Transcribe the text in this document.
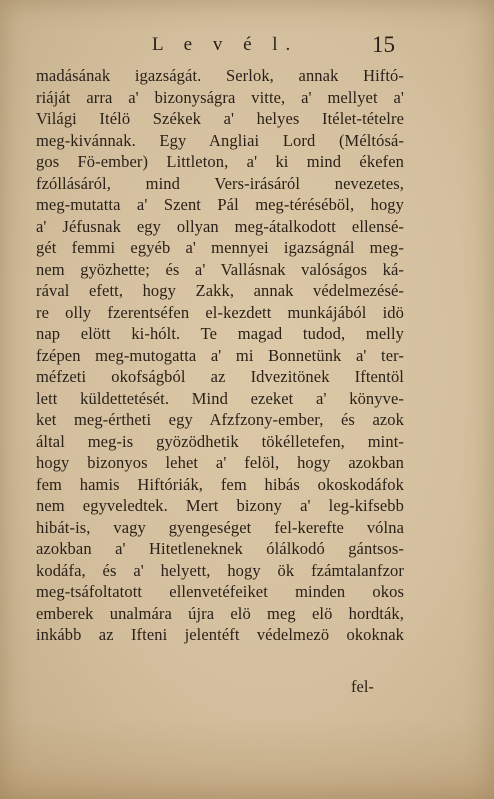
L e v é l.	15
madásának igazságát. Serlok, annak Hiftó-
riáját arra a' bizonyságra vitte, a' mellyet a'
Világi Itélö Székek a' helyes Itélet-tételre
meg-kivánnak. Egy Angliai Lord (Méltósá-
gos Fö-ember) Littleton, a' ki mind ékefen
fzóllásáról, mind Vers-irásáról nevezetes,
meg-mutatta a' Szent Pál meg-téréséböl, hogy
a' Jéfusnak egy ollyan meg-átalkodott ellensé-
gét femmi egyéb a' mennyei igazságnál meg-
nem gyözhette; és a' Vallásnak valóságos ká-
rával efett, hogy Zakk, annak védelmezésé-
re olly fzerentséfen el-kezdett munkájából idö
nap elött ki-hólt. Te magad tudod, melly
fzépen meg-mutogatta a' mi Bonnetünk a' ter-
méfzeti okofságból az Idvezitönek Iftentöl
lett küldettetését. Mind ezeket a' könyve-
ket meg-értheti egy Afzfzony-ember, és azok
által meg-is gyözödhetik tökélletefen, mint-
hogy bizonyos lehet a' felöl, hogy azokban
fem hamis Hiftóriák, fem hibás okoskodáfok
nem egyveledtek. Mert bizony a' leg-kifsebb
hibát-is, vagy gyengeséget fel-kerefte vólna
azokban a' Hitetleneknek ólálkodó gántsos-
kodáfa, és a' helyett, hogy ök fzámtalanfzor
meg-tsáfoltatott ellenvetéfeiket minden okos
emberek unalmára újra elö meg elö hordták,
inkább az Ifteni jelentéft védelmezö okoknak
fel-
